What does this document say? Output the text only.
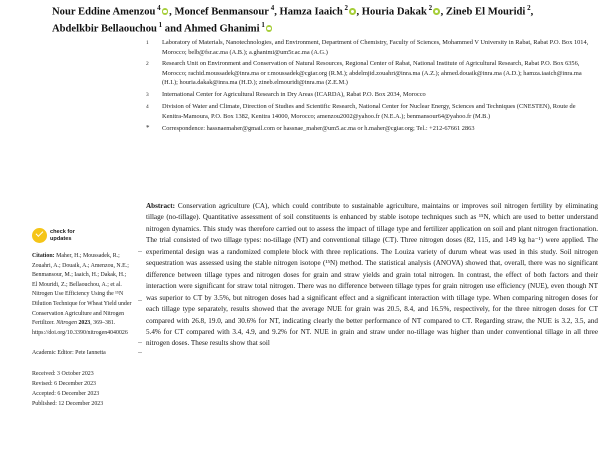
Nour Eddine Amenzou $^4$ , Moncef Benmansour $^4$, Hamza Iaaich $^2$ , Houria Dakak $^2$ , Zineb El Mouridi $^2$,
Abdelkbir Bellaouchou $^1$ and Ahmed Ghanimi $^1$
1	Laboratory of Materials, Nanotechnologies, and Environment, Department of Chemistry, Faculty of Sciences, Mohammed V University in Rabat, Rabat P.O. Box 1014, Morocco; belb@fsr.ac.ma (A.B.); a.ghanimi@um5r.ac.ma (A.G.)
2	Research Unit on Environment and Conservation of Natural Resources, Regional Center of Rabat, National Institute of Agricultural Research, Rabat P.O. Box 6356, Morocco; rachid.moussadek@inra.ma or r.moussadek@cgiar.org (R.M.); abdelmjid.zouahri@inra.ma (A.Z.); ahmed.douaik@inra.ma (A.D.); hamza.iaaich@inra.ma (H.I.); houria.dakak@inra.ma (H.D.); zineb.elmouridi@inra.ma (Z.E.M.)
3	International Center for Agricultural Research in Dry Areas (ICARDA), Rabat P.O. Box 2034, Morocco
4	Division of Water and Climate, Direction of Studies and Scientific Research, National Center for Nuclear Energy, Sciences and Techniques (CNESTEN), Route de Kenitra-Mamoura, P.O. Box 1382, Kenitra 14000, Morocco; amenzou2002@yahoo.fr (N.E.A.); benmansour64@yahoo.fr (M.B.)
*	Correspondence: hassnaemaher@gmail.com or hassnae_maher@um5.ac.ma or h.maher@cgiar.org; Tel.: +212-67661 2863
check for
updates
Citation: Maher, H.; Moussadek, R.; Zouahri, A.; Douaik, A.; Amenzou, N.E.; Benmansour, M.; Iaaich, H.; Dakak, H.; El Mouridi, Z.; Bellaouchou, A.; et al. Nitrogen Use Efficiency Using the ¹⁵N Dilution Technique for Wheat Yield under Conservation Agriculture and Nitrogen Fertilizer. Nitrogen 2023, 369–381. https://doi.org/10.3390/nitrogen4040026
Academic Editor: Pete Iannetta
Received: 3 October 2023
Revised: 6 December 2023
Accepted: 6 December 2023
Published: 12 December 2023
Abstract: Conservation agriculture (CA), which could contribute to sustainable agriculture, maintains or improves soil nitrogen fertility by eliminating tillage (no-tillage). Quantitative assessment of soil constituents is enhanced by stable isotope techniques such as ¹⁵N, which are used to better understand nitrogen dynamics. This study was therefore carried out to assess the impact of tillage type and fertilizer application on soil and plant nitrogen fractionation. The trial consisted of two tillage types: no-tillage (NT) and conventional tillage (CT). Three nitrogen doses (82, 115, and 149 kg ha⁻¹) were applied. The experimental design was a randomized complete block with three replications. The Louiza variety of durum wheat was used in this study. Soil nitrogen sequestration was assessed using the stable nitrogen isotope (¹⁵N) method. The statistical analysis (ANOVA) showed that, overall, there was no significant difference between tillage types and nitrogen doses for grain and straw yields and grain total nitrogen. In contrast, the effect of both factors and their interaction were significant for straw total nitrogen. There was no difference between tillage types for grain nitrogen use efficiency (NUE), even though NT was superior to CT by 3.5%, but nitrogen doses had a significant effect and a significant interaction with tillage type. When comparing nitrogen doses for each tillage type separately, results showed that the average NUE for grain was 20.5, 8.4, and 16.5%, respectively, for the three nitrogen doses for CT compared with 26.8, 19.0, and 30.6% for NT, indicating clearly the better performance of NT compared to CT. Regarding straw, the NUE is 3.2, 3.5, and 5.4% for CT compared with 3.4, 4.9, and 9.2% for NT. NUE in grain and straw under no-tillage was higher than under conventional tillage in all three nitrogen doses. These results show that soil
